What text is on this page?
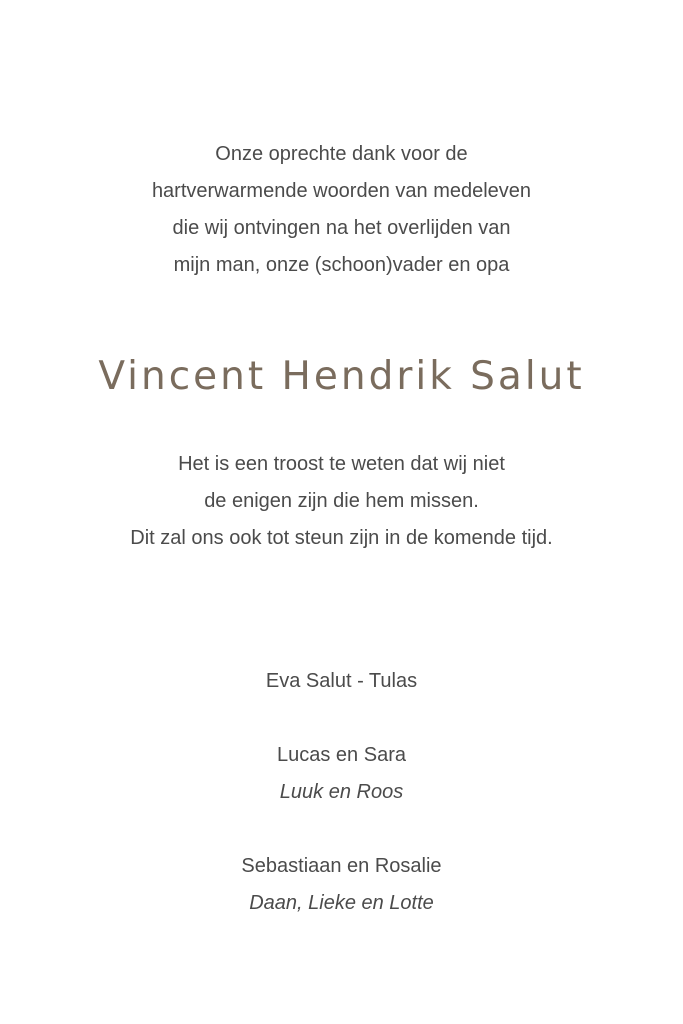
Onze oprechte dank voor de
hartverwarmende woorden van medeleven
die wij ontvingen na het overlijden van
mijn man, onze (schoon)vader en opa
Vincent Hendrik Salut
Het is een troost te weten dat wij niet
de enigen zijn die hem missen.
Dit zal ons ook tot steun zijn in de komende tijd.
Eva Salut - Tulas
Lucas en Sara
Luuk en Roos
Sebastiaan en Rosalie
Daan, Lieke en Lotte
